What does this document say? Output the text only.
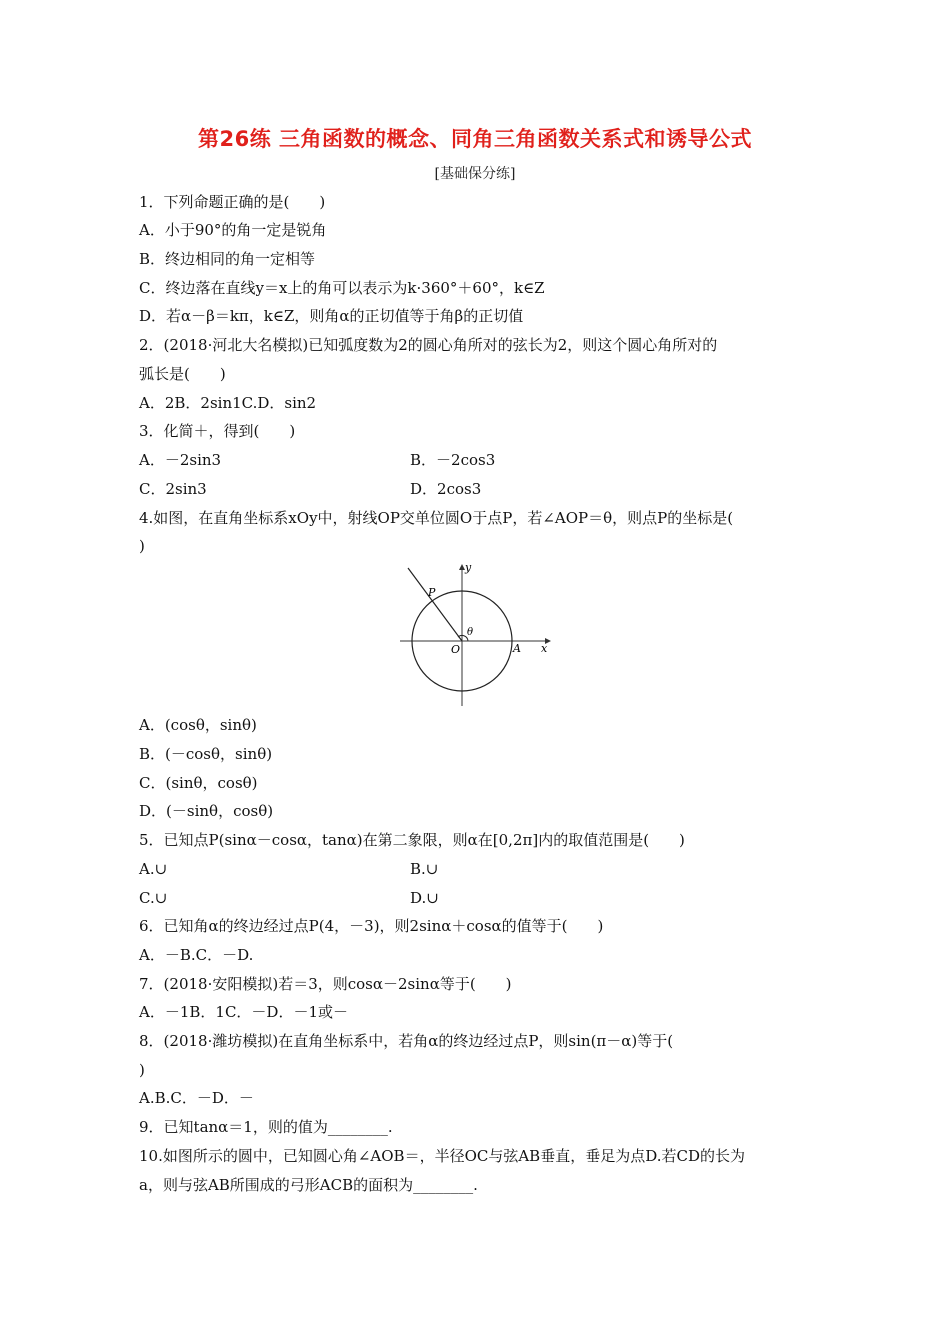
第26练 三角函数的概念、同角三角函数关系式和诱导公式
[基础保分练]
1．下列命题正确的是(　　)
A．小于90°的角一定是锐角
B．终边相同的角一定相等
C．终边落在直线y＝x上的角可以表示为k·360°＋60°，k∈Z
D．若α－β＝kπ，k∈Z，则角α的正切值等于角β的正切值
2．(2018·河北大名模拟)已知弧度数为2的圆心角所对的弦长为2，则这个圆心角所对的
弧长是(　　)
A．2B．2sin1C.D．sin2
3．化简＋，得到(　　)
A．－2sin3	B．－2cos3
C．2sin3	D．2cos3
4.如图，在直角坐标系xOy中，射线OP交单位圆O于点P，若∠AOP＝θ，则点P的坐标是(
)
y
x
O	A
P
θ
A．(cosθ，sinθ)
B．(－cosθ，sinθ)
C．(sinθ，cosθ)
D．(－sinθ，cosθ)
5．已知点P(sinα－cosα，tanα)在第二象限，则α在[0,2π]内的取值范围是(　　)
A.∪	B.∪
C.∪	D.∪
6．已知角α的终边经过点P(4，－3)，则2sinα＋cosα的值等于(　　)
A．－B.C．－D.
7．(2018·安阳模拟)若＝3，则cosα－2sinα等于(　　)
A．－1B．1C．－D．－1或－
8．(2018·潍坊模拟)在直角坐标系中，若角α的终边经过点P，则sin(π－α)等于(
)
A.B.C．－D．－
9．已知tanα＝1，则的值为________.
10.如图所示的圆中，已知圆心角∠AOB＝，半径OC与弦AB垂直，垂足为点D.若CD的长为
a，则与弦AB所围成的弓形ACB的面积为________.
